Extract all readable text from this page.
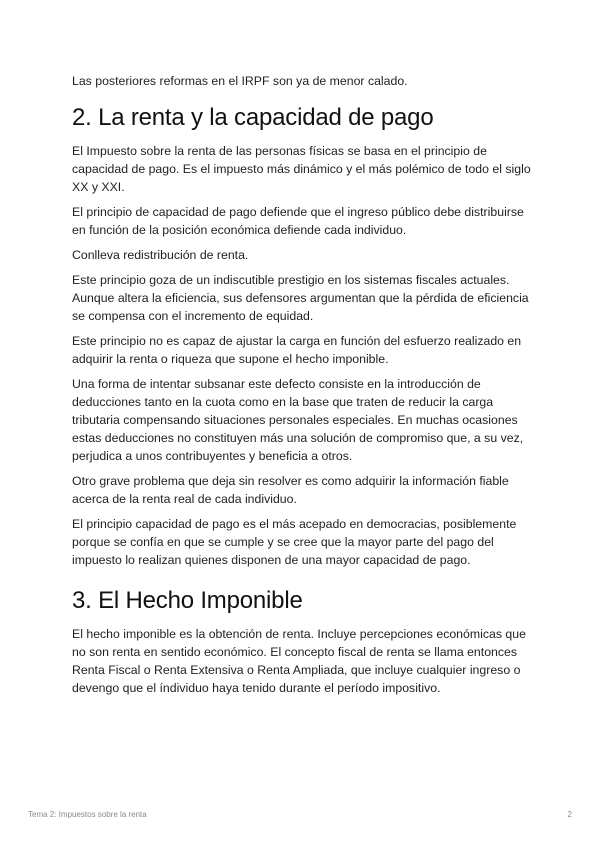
Las posteriores reformas en el IRPF son ya de menor calado.

2. La renta y la capacidad de pago

El Impuesto sobre la renta de las personas físicas se basa en el principio de capacidad de pago. Es el impuesto más dinámico y el más polémico de todo el siglo XX y XXI.

El principio de capacidad de pago defiende que el ingreso público debe distribuirse en función de la posición económica defiende cada individuo.

Conlleva redistribución de renta.

Este principio goza de un indiscutible prestigio en los sistemas fiscales actuales. Aunque altera la eficiencia, sus defensores argumentan que la pérdida de eficiencia se compensa con el incremento de equidad.

Este principio no es capaz de ajustar la carga en función del esfuerzo realizado en adquirir la renta o riqueza que supone el hecho imponible.

Una forma de intentar subsanar este defecto consiste en la introducción de deducciones tanto en la cuota como en la base que traten de reducir la carga tributaria compensando situaciones personales especiales. En muchas ocasiones estas deducciones no constituyen más una solución de compromiso que, a su vez, perjudica a unos contribuyentes y beneficia a otros.

Otro grave problema que deja sin resolver es como adquirir la información fiable acerca de la renta real de cada individuo.

El principio capacidad de pago es el más acepado en democracias, posiblemente porque se confía en que se cumple y se cree que la mayor parte del pago del impuesto lo realizan quienes disponen de una mayor capacidad de pago.

3. El Hecho Imponible

El hecho imponible es la obtención de renta. Incluye percepciones económicas que no son renta en sentido económico. El concepto fiscal de renta se llama entonces Renta Fiscal o Renta Extensiva o Renta Ampliada, que incluye cualquier ingreso o devengo que el índividuo haya tenido durante el período impositivo.

Tema 2: Impuestos sobre la renta	2
